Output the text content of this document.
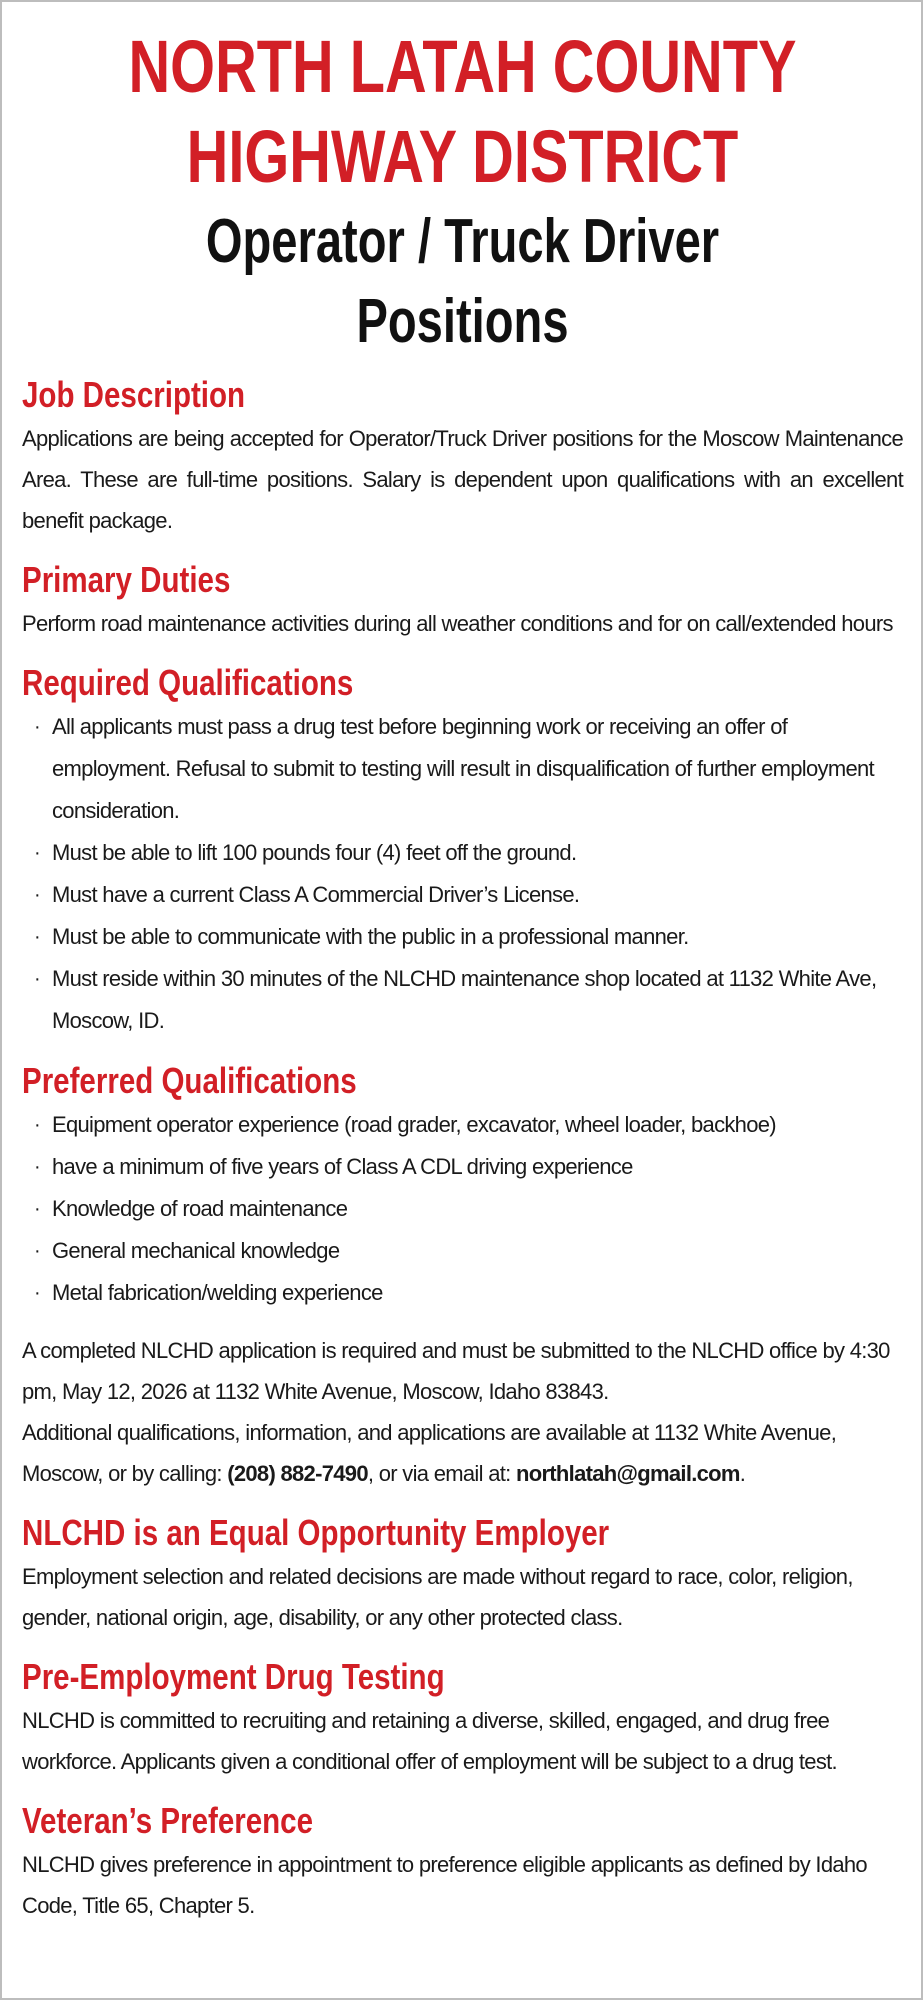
NORTH LATAH COUNTY
HIGHWAY DISTRICT
Operator / Truck Driver Positions
Job Description

Applications are being accepted for Operator/Truck Driver positions for the Moscow Maintenance Area. These are full-time positions. Salary is dependent upon qualifications with an excellent benefit package.

Primary Duties

Perform road maintenance activities during all weather conditions and for on call/extended hours

Required Qualifications
· All applicants must pass a drug test before beginning work or receiving an offer of employment. Refusal to submit to testing will result in disqualification of further employment consideration.
· Must be able to lift 100 pounds four (4) feet off the ground.
· Must have a current Class A Commercial Driver’s License.
· Must be able to communicate with the public in a professional manner.
· Must reside within 30 minutes of the NLCHD maintenance shop located at 1132 White Ave, Moscow, ID.
Preferred Qualifications
· Equipment operator experience (road grader, excavator, wheel loader, backhoe)
· have a minimum of five years of Class A CDL driving experience
· Knowledge of road maintenance
· General mechanical knowledge
· Metal fabrication/welding experience

A completed NLCHD application is required and must be submitted to the NLCHD office by 4:30 pm, May 12, 2026 at 1132 White Avenue, Moscow, Idaho 83843.

Additional qualifications, information, and applications are available at 1132 White Avenue, Moscow, or by calling: (208) 882-7490, or via email at: northlatah@gmail.com.

NLCHD is an Equal Opportunity Employer

Employment selection and related decisions are made without regard to race, color, religion, gender, national origin, age, disability, or any other protected class.

Pre-Employment Drug Testing

NLCHD is committed to recruiting and retaining a diverse, skilled, engaged, and drug free workforce. Applicants given a conditional offer of employment will be subject to a drug test.

Veteran’s Preference

NLCHD gives preference in appointment to preference eligible applicants as defined by Idaho Code, Title 65, Chapter 5.
